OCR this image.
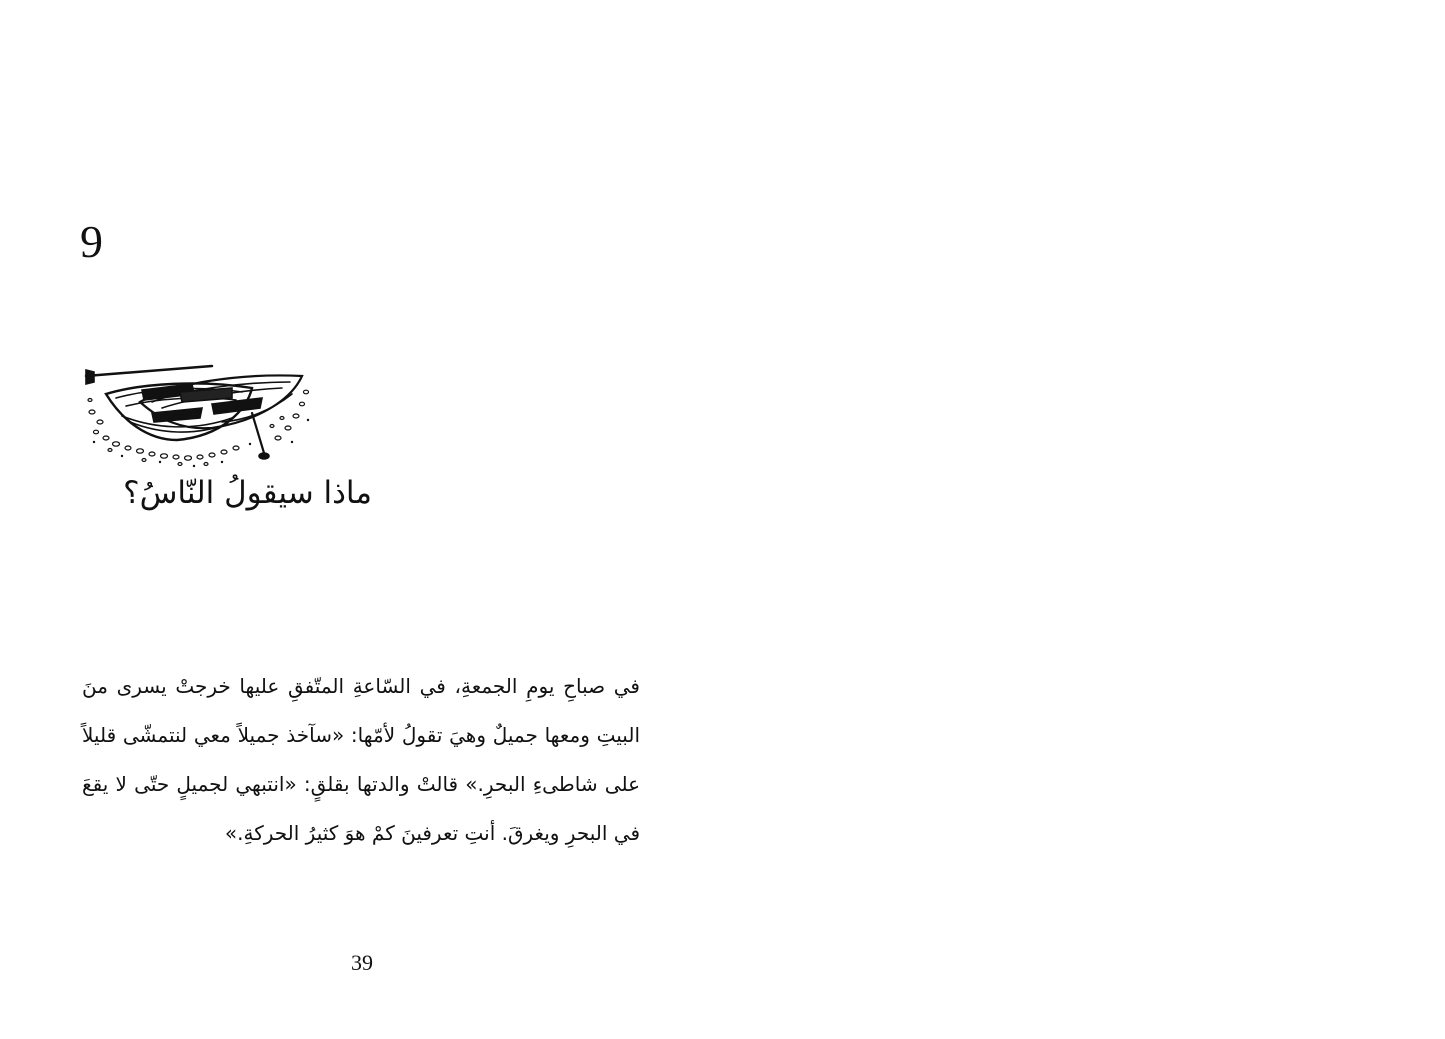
9
ماذا سيقولُ النّاسُ؟

في صباحِ يومِ الجمعةِ، في السّاعةِ المتّفقِ عليها خرجتْ يسرى منَ البيتِ ومعها جميلٌ وهيَ تقولُ لأمّها: «سآخذ جميلاً معي لنتمشّى قليلاً على شاطىءِ البحرِ.» قالتْ والدتها بقلقٍ: «انتبهي لجميلٍ حتّى لا يقعَ في البحرِ ويغرقَ. أنتِ تعرفينَ كمْ هوَ كثيرُ الحركةِ.»

39
